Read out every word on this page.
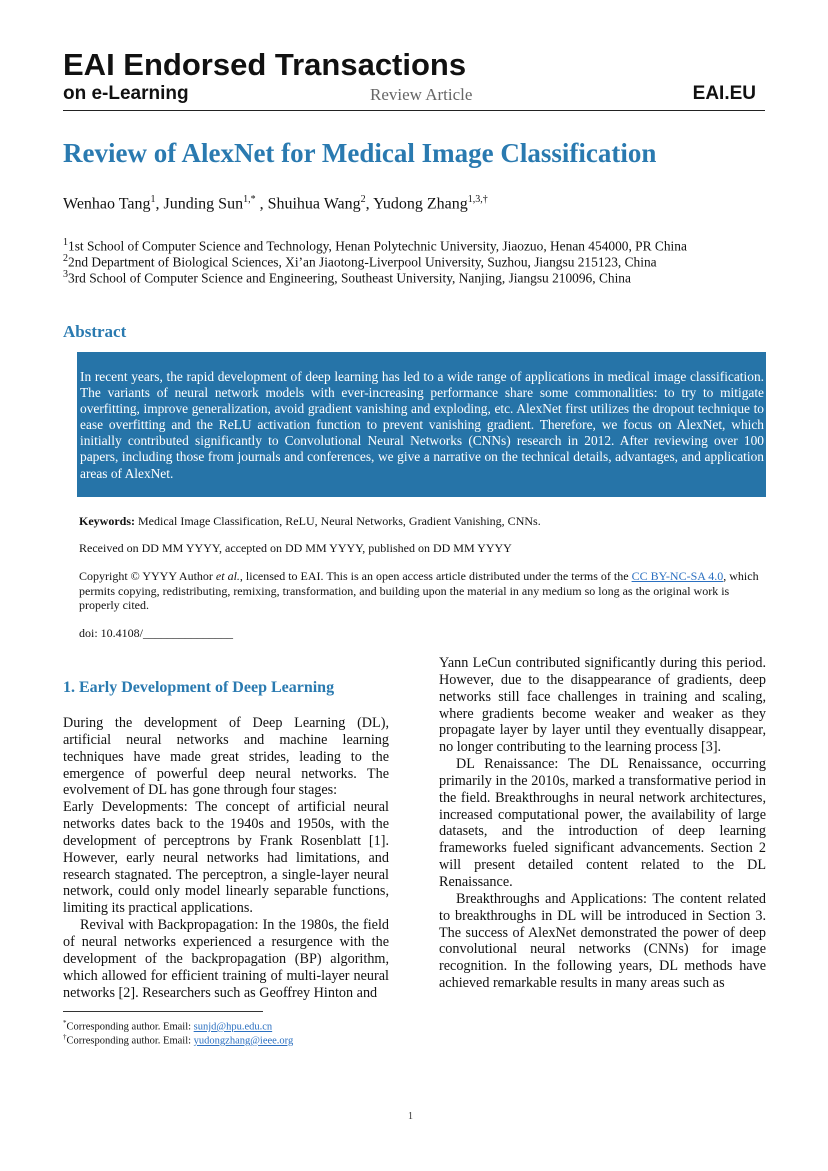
EAI Endorsed Transactions
on e-Learning	Review Article	EAI.EU
Review of AlexNet for Medical Image Classification
Wenhao Tang$^1$, Junding Sun$^{1,*}$ , Shuihua Wang$^2$, Yudong Zhang$^{1,3,\dagger}$
$^1$1st School of Computer Science and Technology, Henan Polytechnic University, Jiaozuo, Henan 454000, PR China
$^2$2nd Department of Biological Sciences, Xi’an Jiaotong-Liverpool University, Suzhou, Jiangsu 215123, China
$^3$3rd School of Computer Science and Engineering, Southeast University, Nanjing, Jiangsu 210096, China
Abstract

In recent years, the rapid development of deep learning has led to a wide range of applications in medical image classification. The variants of neural network models with ever-increasing performance share some commonalities: to try to mitigate overfitting, improve generalization, avoid gradient vanishing and exploding, etc. AlexNet first utilizes the dropout technique to ease overfitting and the ReLU activation function to prevent vanishing gradient. Therefore, we focus on AlexNet, which initially contributed significantly to Convolutional Neural Networks (CNNs) research in 2012. After reviewing over 100 papers, including those from journals and conferences, we give a narrative on the technical details, advantages, and application areas of AlexNet.

Keywords: Medical Image Classification, ReLU, Neural Networks, Gradient Vanishing, CNNs.
Received on DD MM YYYY, accepted on DD MM YYYY, published on DD MM YYYY
Copyright © YYYY Author et al., licensed to EAI. This is an open access article distributed under the terms of the CC BY-NC-SA 4.0, which permits copying, redistributing, remixing, transformation, and building upon the material in any medium so long as the original work is properly cited.
doi: 10.4108/_______________
1. Early Development of Deep Learning

During the development of Deep Learning (DL), artificial neural networks and machine learning techniques have made great strides, leading to the emergence of powerful deep neural networks. The evolvement of DL has gone through four stages:

Early Developments: The concept of artificial neural networks dates back to the 1940s and 1950s, with the development of perceptrons by Frank Rosenblatt [1]. However, early neural networks had limitations, and research stagnated. The perceptron, a single-layer neural network, could only model linearly separable functions, limiting its practical applications.

Revival with Backpropagation: In the 1980s, the field of neural networks experienced a resurgence with the development of the backpropagation (BP) algorithm, which allowed for efficient training of multi-layer neural networks [2]. Researchers such as Geoffrey Hinton and

Yann LeCun contributed significantly during this period. However, due to the disappearance of gradients, deep networks still face challenges in training and scaling, where gradients become weaker and weaker as they propagate layer by layer until they eventually disappear, no longer contributing to the learning process [3].

DL Renaissance: The DL Renaissance, occurring primarily in the 2010s, marked a transformative period in the field. Breakthroughs in neural network architectures, increased computational power, the availability of large datasets, and the introduction of deep learning frameworks fueled significant advancements. Section 2 will present detailed content related to the DL Renaissance.

Breakthroughs and Applications: The content related to breakthroughs in DL will be introduced in Section 3. The success of AlexNet demonstrated the power of deep convolutional neural networks (CNNs) for image recognition. In the following years, DL methods have achieved remarkable results in many areas such as

*Corresponding author. Email: sunjd@hpu.edu.cn
†Corresponding author. Email: yudongzhang@ieee.org
1
